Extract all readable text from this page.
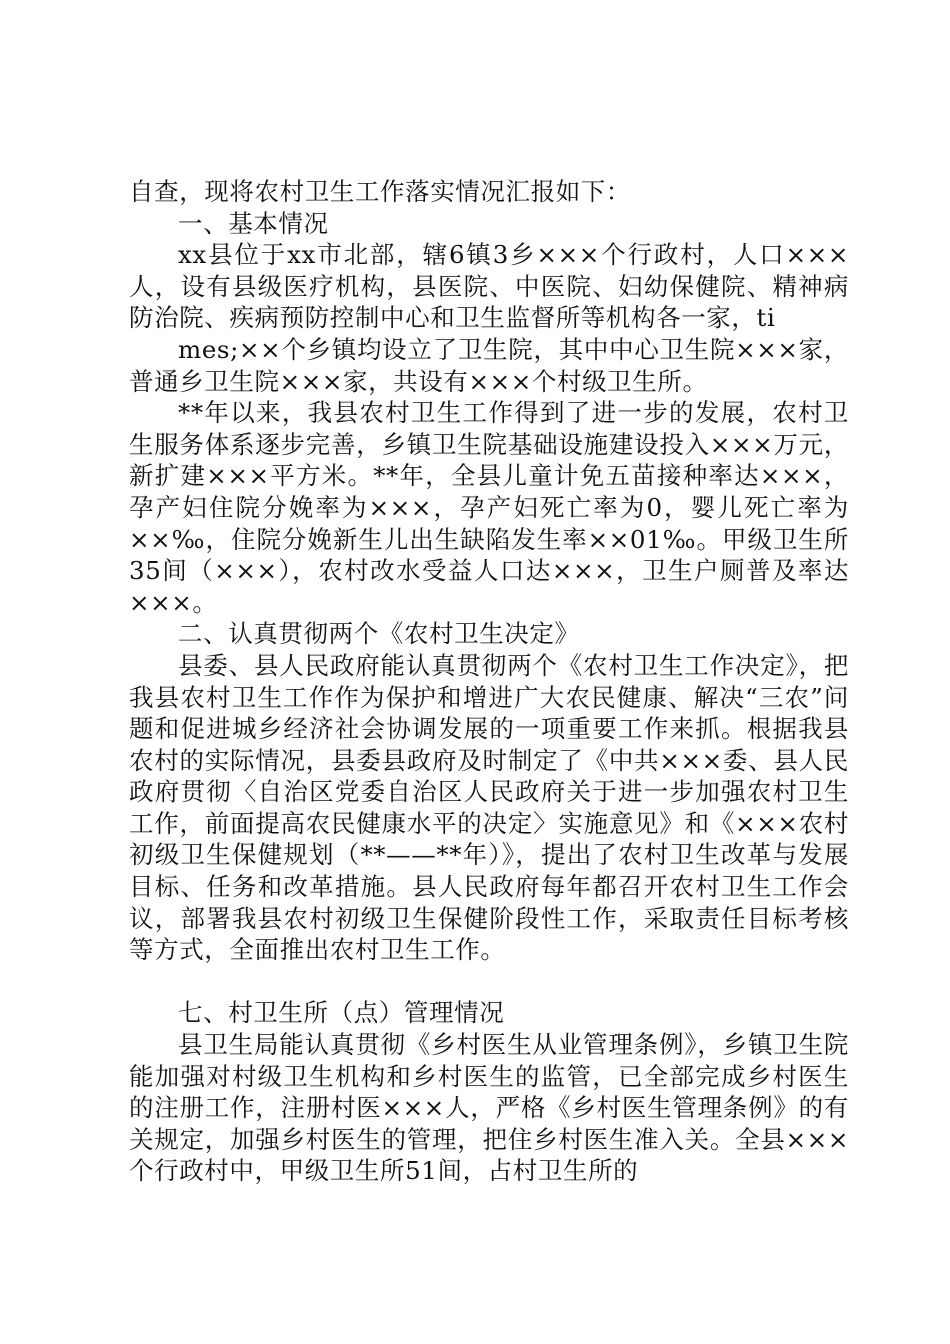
自查，现将农村卫生工作落实情况汇报如下：

一、基本情况

xx县位于xx市北部，辖6镇3乡×××个行政村，人口×××人，设有县级医疗机构，县医院、中医院、妇幼保健院、精神病防治院、疾病预防控制中心和卫生监督所等机构各一家，ti

mes;××个乡镇均设立了卫生院，其中中心卫生院×××家，普通乡卫生院×××家，共设有×××个村级卫生所。

**年以来，我县农村卫生工作得到了进一步的发展，农村卫生服务体系逐步完善，乡镇卫生院基础设施建设投入×××万元，新扩建×××平方米。**年，全县儿童计免五苗接种率达×××，孕产妇住院分娩率为×××，孕产妇死亡率为0，婴儿死亡率为××‰，住院分娩新生儿出生缺陷发生率××01‰。甲级卫生所35间（×××），农村改水受益人口达×××，卫生户厕普及率达×××。

二、认真贯彻两个《农村卫生决定》

县委、县人民政府能认真贯彻两个《农村卫生工作决定》，把我县农村卫生工作作为保护和增进广大农民健康、解决“三农”问题和促进城乡经济社会协调发展的一项重要工作来抓。根据我县农村的实际情况，县委县政府及时制定了《中共×××委、县人民政府贯彻〈自治区党委自治区人民政府关于进一步加强农村卫生工作，前面提高农民健康水平的决定〉实施意见》和《×××农村初级卫生保健规划（**——**年）》，提出了农村卫生改革与发展目标、任务和改革措施。县人民政府每年都召开农村卫生工作会议，部署我县农村初级卫生保健阶段性工作，采取责任目标考核等方式，全面推出农村卫生工作。

七、村卫生所（点）管理情况

县卫生局能认真贯彻《乡村医生从业管理条例》，乡镇卫生院能加强对村级卫生机构和乡村医生的监管，已全部完成乡村医生的注册工作，注册村医×××人，严格《乡村医生管理条例》的有关规定，加强乡村医生的管理，把住乡村医生准入关。全县×××个行政村中，甲级卫生所51间，占村卫生所的
